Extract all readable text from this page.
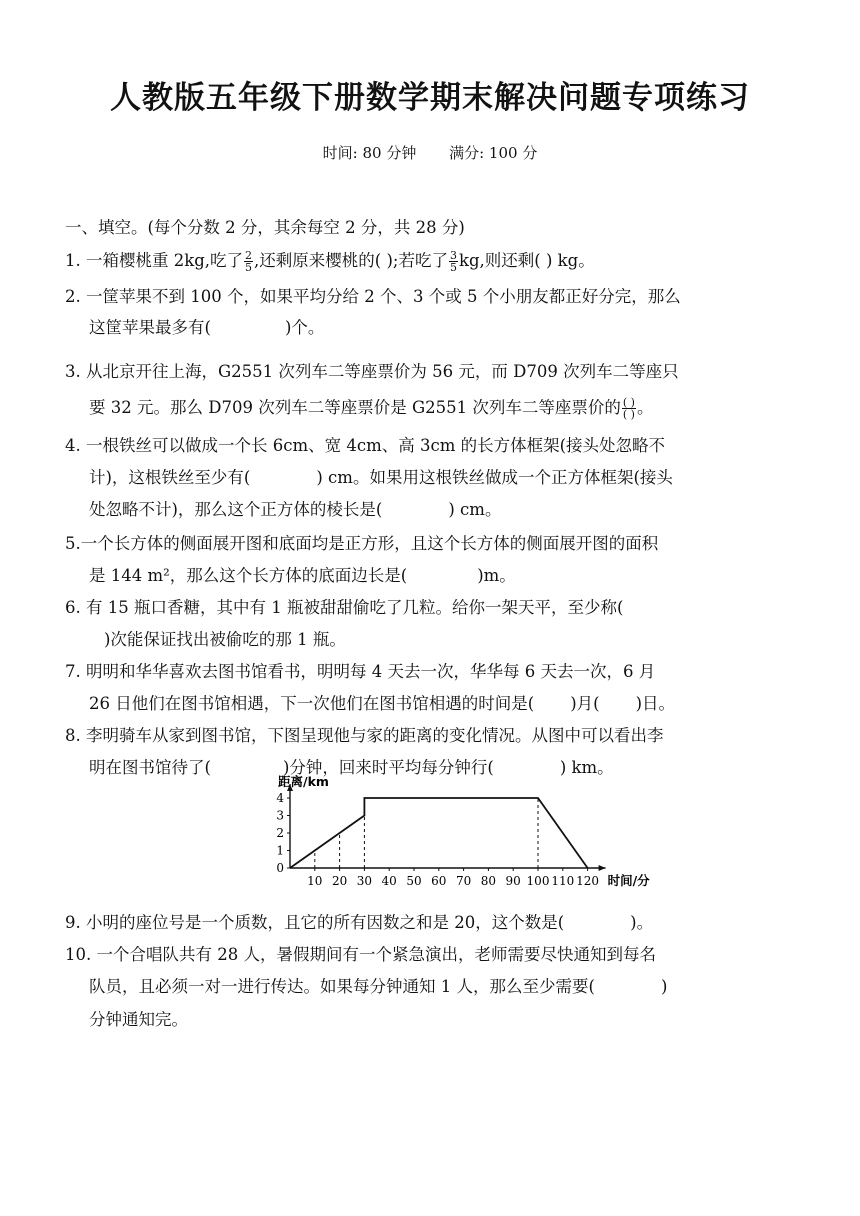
人教版五年级下册数学期末解决问题专项练习
时间: 80 分钟 满分: 100 分
一、填空。(每个分数 2 分，其余每空 2 分，共 28 分)
1. 一箱樱桃重 2kg,吃了 $\frac{2}{5}$ ,还剩原来樱桃的( );若吃了 $\frac{3}{5}$ kg,则还剩( ) kg。
2. 一筐苹果不到 100 个，如果平均分给 2 个、3 个或 5 个小朋友都正好分完，那么
这筐苹果最多有(	)个。
3. 从北京开往上海，G2551 次列车二等座票价为 56 元，而 D709 次列车二等座只
要 32 元。那么 D709 次列车二等座票价是 G2551 次列车二等座票价的 $\frac{( )}{( )}$ 。
4. 一根铁丝可以做成一个长 6cm、宽 4cm、高 3cm 的长方体框架(接头处忽略不
计)，这根铁丝至少有(	) cm。如果用这根铁丝做成一个正方体框架(接头
处忽略不计)，那么这个正方体的棱长是(	) cm。
5.一个长方体的侧面展开图和底面均是正方形，且这个长方体的侧面展开图的面积
是 144 m²，那么这个长方体的底面边长是(	)m。
6. 有 15 瓶口香糖，其中有 1 瓶被甜甜偷吃了几粒。给你一架天平，至少称(
)次能保证找出被偷吃的那 1 瓶。
7. 明明和华华喜欢去图书馆看书，明明每 4 天去一次，华华每 6 天去一次，6 月
26 日他们在图书馆相遇，下一次他们在图书馆相遇的时间是( )月( )日。
8. 李明骑车从家到图书馆，下图呈现他与家的距离的变化情况。从图中可以看出李
明在图书馆待了(	)分钟，回来时平均每分钟行(	) km。
0
1
2
3
4
10 20 30 40 50 60 70 80 90 100 110 120
距离/km
时间/分
9. 小明的座位号是一个质数，且它的所有因数之和是 20，这个数是(	)。
10. 一个合唱队共有 28 人，暑假期间有一个紧急演出，老师需要尽快通知到每名
队员，且必须一对一进行传达。如果每分钟通知 1 人，那么至少需要(	)
分钟通知完。
